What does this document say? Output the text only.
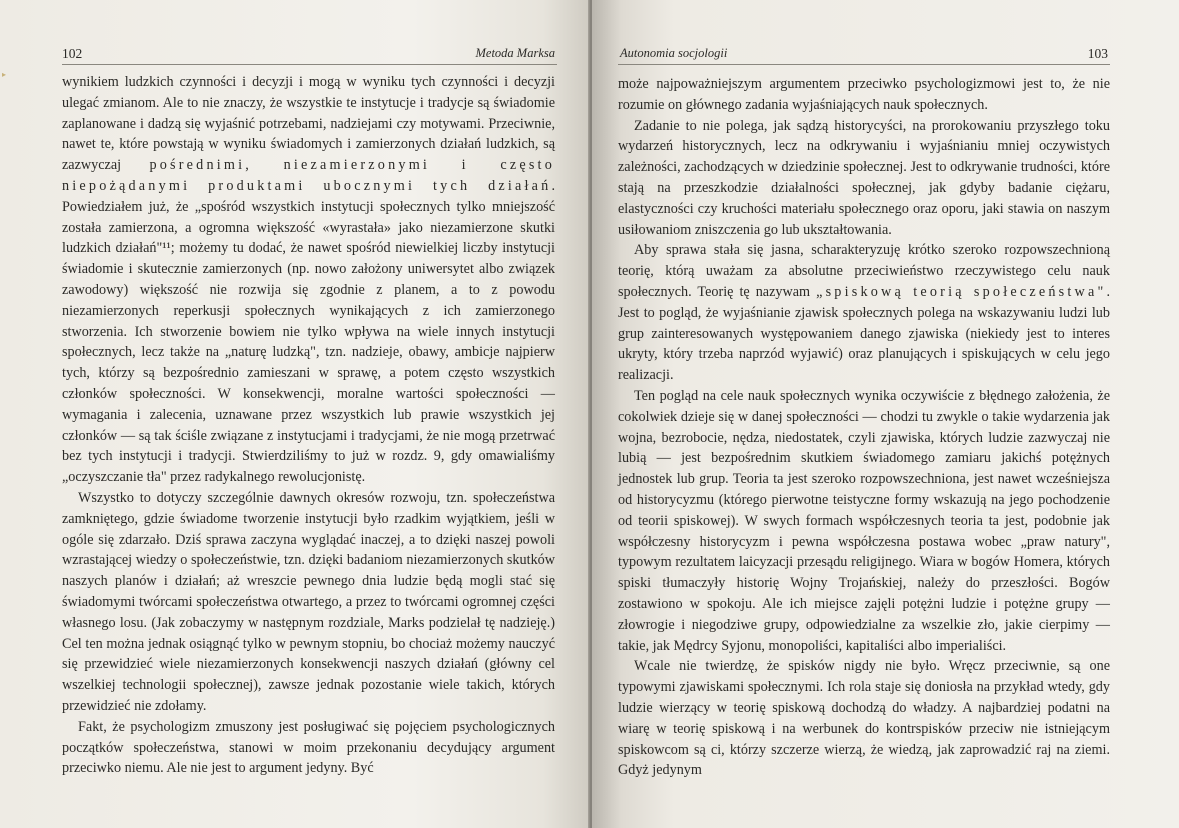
▸
102	Metoda Marksa

wynikiem ludzkich czynności i decyzji i mogą w wyniku tych czynności i decyzji ulegać zmianom. Ale to nie znaczy, że wszystkie te instytucje i tradycje są świadomie zaplanowane i dadzą się wyjaśnić potrzebami, nadziejami czy motywami. Przeciwnie, nawet te, które powstają w wyniku świadomych i zamierzonych działań ludzkich, są zazwyczaj pośrednimi, niezamierzonymi i często niepożądanymi produktami ubocznymi tych działań. Powiedziałem już, że „spośród wszystkich instytucji społecznych tylko mniejszość została zamierzona, a ogromna większość «wyrastała» jako niezamierzone skutki ludzkich działań"¹¹; możemy tu dodać, że nawet spośród niewielkiej liczby instytucji świadomie i skutecznie zamierzonych (np. nowo założony uniwersytet albo związek zawodowy) większość nie rozwija się zgodnie z planem, a to z powodu niezamierzonych reperkusji społecznych wynikających z ich zamierzonego stworzenia. Ich stworzenie bowiem nie tylko wpływa na wiele innych instytucji społecznych, lecz także na „naturę ludzką", tzn. nadzieje, obawy, ambicje najpierw tych, którzy są bezpośrednio zamieszani w sprawę, a potem często wszystkich członków społeczności. W konsekwencji, moralne wartości społeczności — wymagania i zalecenia, uznawane przez wszystkich lub prawie wszystkich jej członków — są tak ściśle związane z instytucjami i tradycjami, że nie mogą przetrwać bez tych instytucji i tradycji. Stwierdziliśmy to już w rozdz. 9, gdy omawialiśmy „oczyszczanie tła" przez radykalnego rewolucjonistę.

Wszystko to dotyczy szczególnie dawnych okresów rozwoju, tzn. społeczeństwa zamkniętego, gdzie świadome tworzenie instytucji było rzadkim wyjątkiem, jeśli w ogóle się zdarzało. Dziś sprawa zaczyna wyglądać inaczej, a to dzięki naszej powoli wzrastającej wiedzy o społeczeństwie, tzn. dzięki badaniom niezamierzonych skutków naszych planów i działań; aż wreszcie pewnego dnia ludzie będą mogli stać się świadomymi twórcami społeczeństwa otwartego, a przez to twórcami ogromnej części własnego losu. (Jak zobaczymy w następnym rozdziale, Marks podzielał tę nadzieję.) Cel ten można jednak osiągnąć tylko w pewnym stopniu, bo chociaż możemy nauczyć się przewidzieć wiele niezamierzonych konsekwencji naszych działań (główny cel wszelkiej technologii społecznej), zawsze jednak pozostanie wiele takich, których przewidzieć nie zdołamy.

Fakt, że psychologizm zmuszony jest posługiwać się pojęciem psychologicznych początków społeczeństwa, stanowi w moim przekonaniu decydujący argument przeciwko niemu. Ale nie jest to argument jedyny. Być

Autonomia socjologii	103

może najpoważniejszym argumentem przeciwko psychologizmowi jest to, że nie rozumie on głównego zadania wyjaśniających nauk społecznych.

Zadanie to nie polega, jak sądzą historycyści, na prorokowaniu przyszłego toku wydarzeń historycznych, lecz na odkrywaniu i wyjaśnianiu mniej oczywistych zależności, zachodzących w dziedzinie społecznej. Jest to odkrywanie trudności, które stają na przeszkodzie działalności społecznej, jak gdyby badanie ciężaru, elastyczności czy kruchości materiału społecznego oraz oporu, jaki stawia on naszym usiłowaniom zniszczenia go lub ukształtowania.

Aby sprawa stała się jasna, scharakteryzuję krótko szeroko rozpowszechnioną teorię, którą uważam za absolutne przeciwieństwo rzeczywistego celu nauk społecznych. Teorię tę nazywam „spiskową teorią społeczeństwa". Jest to pogląd, że wyjaśnianie zjawisk społecznych polega na wskazywaniu ludzi lub grup zainteresowanych występowaniem danego zjawiska (niekiedy jest to interes ukryty, który trzeba naprzód wyjawić) oraz planujących i spiskujących w celu jego realizacji.

Ten pogląd na cele nauk społecznych wynika oczywiście z błędnego założenia, że cokolwiek dzieje się w danej społeczności — chodzi tu zwykle o takie wydarzenia jak wojna, bezrobocie, nędza, niedostatek, czyli zjawiska, których ludzie zazwyczaj nie lubią — jest bezpośrednim skutkiem świadomego zamiaru jakichś potężnych jednostek lub grup. Teoria ta jest szeroko rozpowszechniona, jest nawet wcześniejsza od historycyzmu (którego pierwotne teistyczne formy wskazują na jego pochodzenie od teorii spiskowej). W swych formach współczesnych teoria ta jest, podobnie jak współczesny historycyzm i pewna współczesna postawa wobec „praw natury", typowym rezultatem laicyzacji przesądu religijnego. Wiara w bogów Homera, których spiski tłumaczyły historię Wojny Trojańskiej, należy do przeszłości. Bogów zostawiono w spokoju. Ale ich miejsce zajęli potężni ludzie i potężne grupy — złowrogie i niegodziwe grupy, odpowiedzialne za wszelkie zło, jakie cierpimy — takie, jak Mędrcy Syjonu, monopoliści, kapitaliści albo imperialiści.

Wcale nie twierdzę, że spisków nigdy nie było. Wręcz przeciwnie, są one typowymi zjawiskami społecznymi. Ich rola staje się doniosła na przykład wtedy, gdy ludzie wierzący w teorię spiskową dochodzą do władzy. A najbardziej podatni na wiarę w teorię spiskową i na werbunek do kontrspisków przeciw nie istniejącym spiskowcom są ci, którzy szczerze wierzą, że wiedzą, jak zaprowadzić raj na ziemi. Gdyż jedynym
